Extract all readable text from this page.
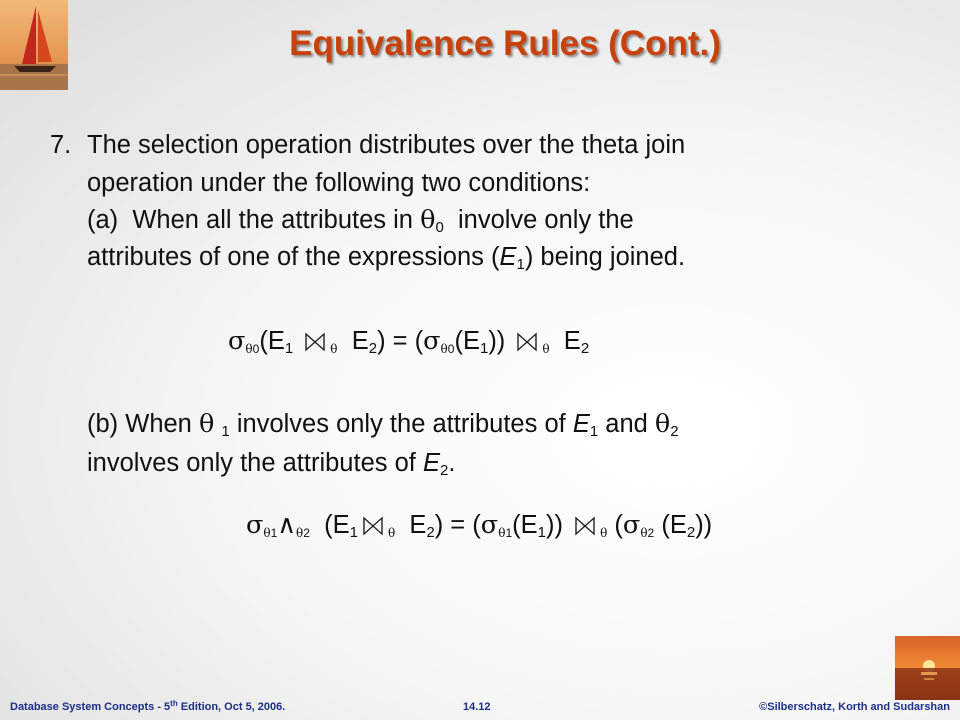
Equivalence Rules (Cont.)
7. The selection operation distributes over the theta join
operation under the following two conditions:
(a) When all the attributes in $\theta_0$ involve only the
attributes of one of the expressions $(E_1)$ being joined.
$\sigma_{\theta 0}(E_1$	$_\theta$ $E_2) = (\sigma_{\theta 0}(E_1))$	$_\theta$ $E_2$
(b) When θ $_1$ involves only the attributes of $E_1$ and $\theta_2$
involves only the attributes of $E_2$.
$\sigma_{\theta 1}\wedge_{\theta 2}$ ($E_1$	$_\theta$ $E_2) = (\sigma_{\theta 1}(E_1))$	$_\theta$ ($\sigma_{\theta 2}$ $(E_2)$)
Database System Concepts - 5th Edition, Oct 5, 2006.	14.12	©Silberschatz, Korth and Sudarshan
